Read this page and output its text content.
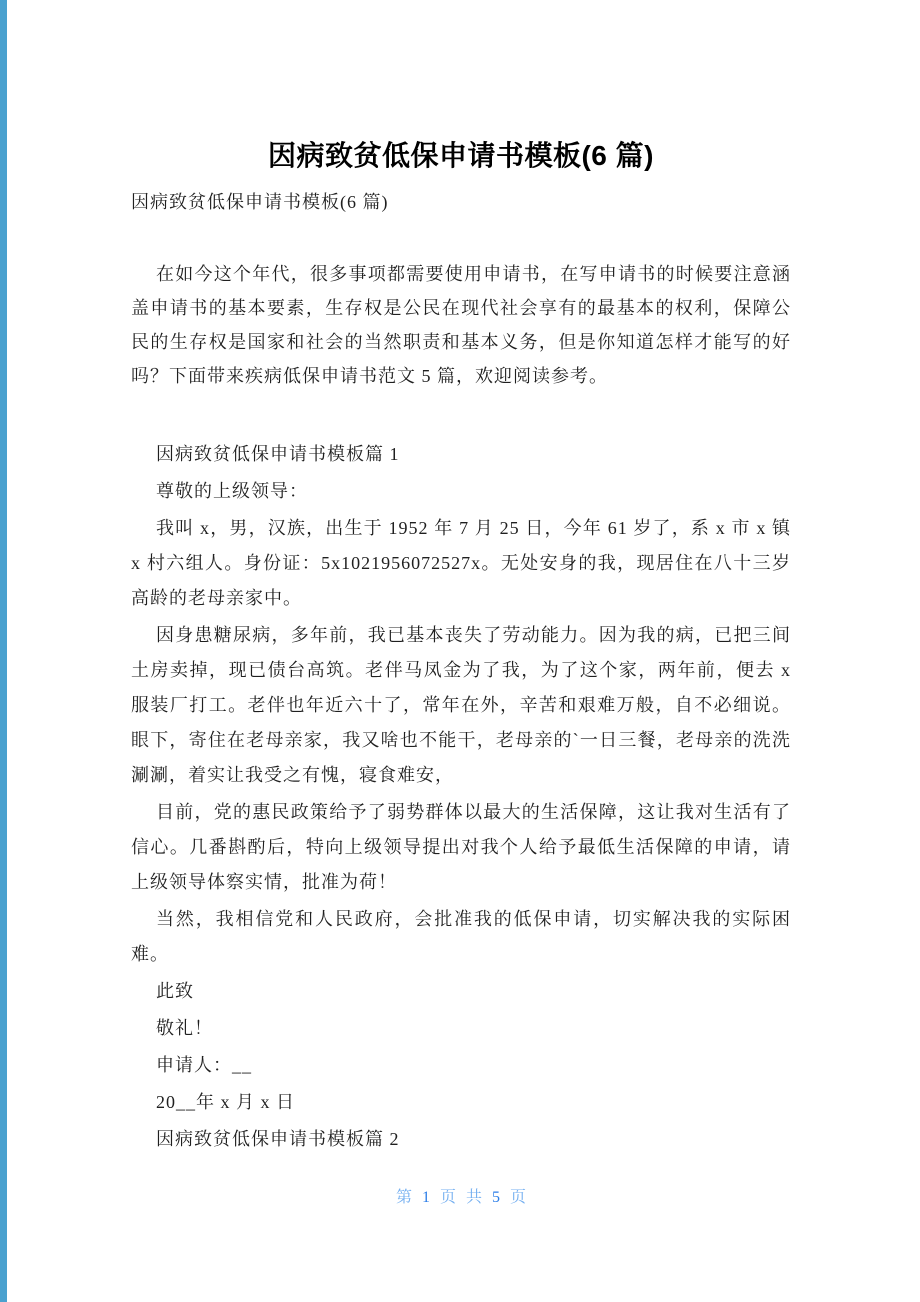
因病致贫低保申请书模板(6 篇)
因病致贫低保申请书模板(6 篇)

在如今这个年代，很多事项都需要使用申请书，在写申请书的时候要注意涵盖申请书的基本要素，生存权是公民在现代社会享有的最基本的权利，保障公民的生存权是国家和社会的当然职责和基本义务，但是你知道怎样才能写的好吗？下面带来疾病低保申请书范文 5 篇，欢迎阅读参考。

因病致贫低保申请书模板篇 1

尊敬的上级领导：

我叫 x，男，汉族，出生于 1952 年 7 月 25 日，今年 61 岁了，系 x 市 x 镇 x 村六组人。身份证：5x1021956072527x。无处安身的我，现居住在八十三岁高龄的老母亲家中。

因身患糖尿病，多年前，我已基本丧失了劳动能力。因为我的病，已把三间土房卖掉，现已债台高筑。老伴马凤金为了我，为了这个家，两年前，便去 x 服装厂打工。老伴也年近六十了，常年在外，辛苦和艰难万般，自不必细说。眼下，寄住在老母亲家，我又啥也不能干，老母亲的`一日三餐，老母亲的洗洗涮涮，着实让我受之有愧，寝食难安，

目前，党的惠民政策给予了弱势群体以最大的生活保障，这让我对生活有了信心。几番斟酌后，特向上级领导提出对我个人给予最低生活保障的申请，请上级领导体察实情，批准为荷！

当然，我相信党和人民政府，会批准我的低保申请，切实解决我的实际困难。

此致

敬礼！

申请人：__

20__年 x 月 x 日

因病致贫低保申请书模板篇 2

第 1 页 共 5 页
